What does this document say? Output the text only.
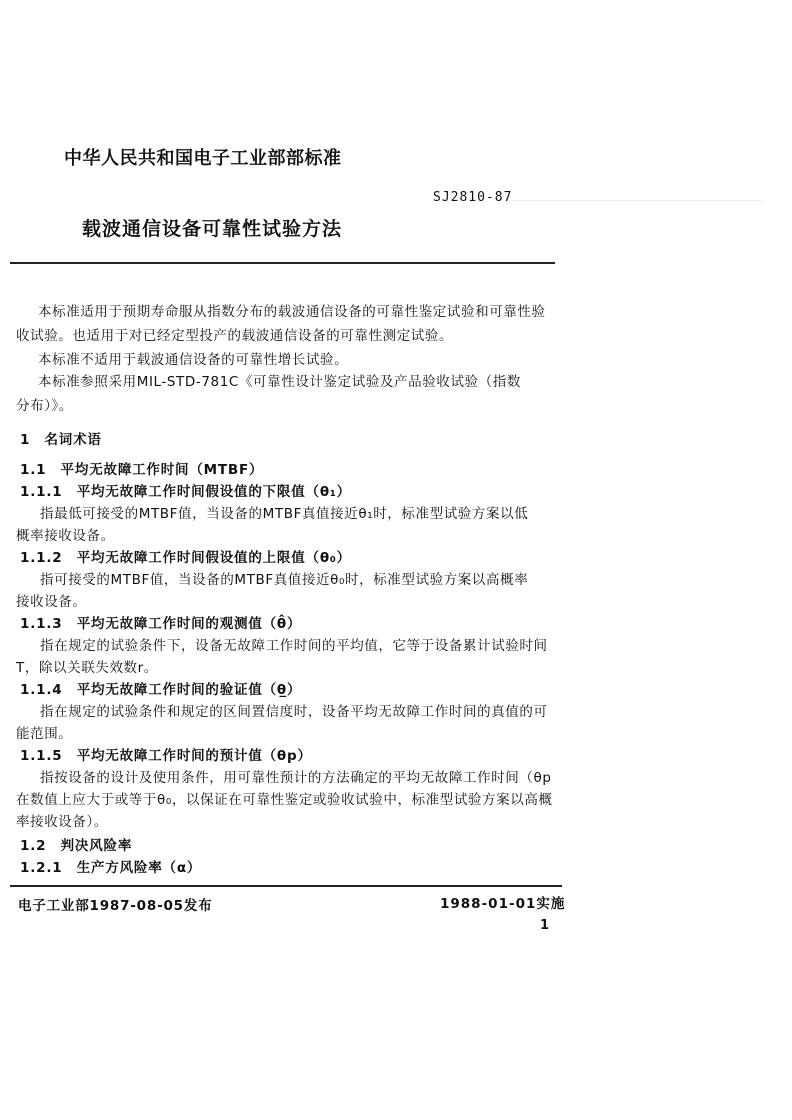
中华人民共和国电子工业部部标准
SJ2810-87
载波通信设备可靠性试验方法
本标准适用于预期寿命服从指数分布的载波通信设备的可靠性鉴定试验和可靠性验
收试验。也适用于对已经定型投产的载波通信设备的可靠性测定试验。
本标准不适用于载波通信设备的可靠性增长试验。
本标准参照采用MIL-STD-781C《可靠性设计鉴定试验及产品验收试验（指数
分布）》。
1　名词术语
1.1　平均无故障工作时间（MTBF）
1.1.1　平均无故障工作时间假设值的下限值（θ₁）
指最低可接受的MTBF值，当设备的MTBF真值接近θ₁时，标准型试验方案以低
概率接收设备。
1.1.2　平均无故障工作时间假设值的上限值（θ₀）
指可接受的MTBF值，当设备的MTBF真值接近θ₀时，标准型试验方案以高概率
接收设备。
1.1.3　平均无故障工作时间的观测值（θ̂）
指在规定的试验条件下，设备无故障工作时间的平均值，它等于设备累计试验时间
T，除以关联失效数r。
1.1.4　平均无故障工作时间的验证值（θ̲）
指在规定的试验条件和规定的区间置信度时，设备平均无故障工作时间的真值的可
能范围。
1.1.5　平均无故障工作时间的预计值（θp）
指按设备的设计及使用条件，用可靠性预计的方法确定的平均无故障工作时间（θp
在数值上应大于或等于θ₀，以保证在可靠性鉴定或验收试验中，标准型试验方案以高概
率接收设备）。
1.2　判决风险率
1.2.1　生产方风险率（α）
电子工业部1987-08-05发布	1988-01-01实施
1
